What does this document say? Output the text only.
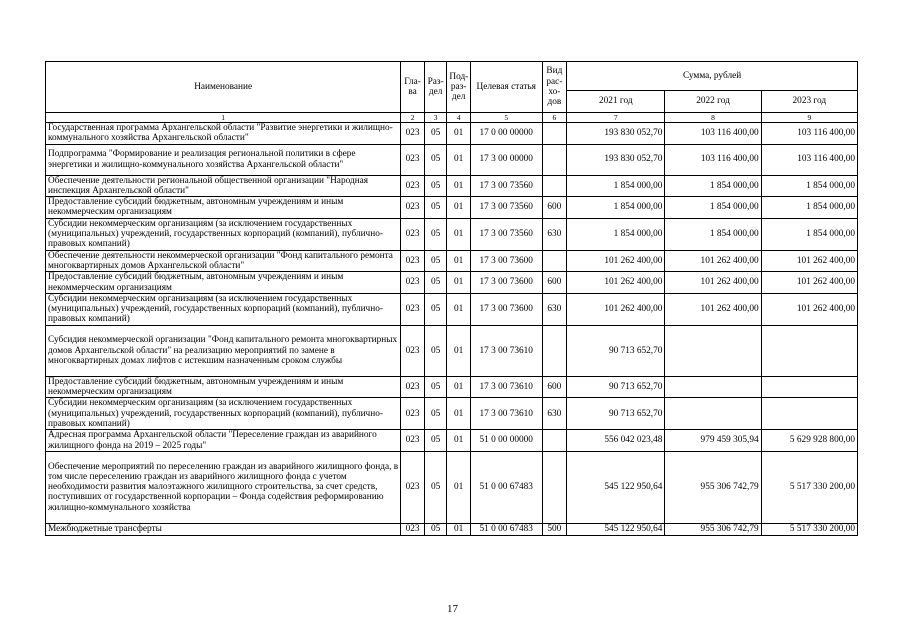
Наименование	Гла-ва	Раз-дел	Под-раз-дел	Целевая статья	Вид рас-хо-дов	Сумма, рублей		
						2021 год	2022 год	2023 год
1	2	3	4	5	6	7	8	9
Государственная программа Архангельской области "Развитие энергетики и жилищно-коммунального хозяйства Архангельской области"	023	05	01	17 0 00 00000		193 830 052,70	103 116 400,00	103 116 400,00
Подпрограмма "Формирование и реализация региональной политики в сфере энергетики и жилищно-коммунального хозяйства Архангельской области"	023	05	01	17 3 00 00000		193 830 052,70	103 116 400,00	103 116 400,00
Обеспечение деятельности региональной общественной организации "Народная инспекция Архангельской области"	023	05	01	17 3 00 73560		1 854 000,00	1 854 000,00	1 854 000,00
Предоставление субсидий бюджетным, автономным учреждениям и иным некоммерческим организациям	023	05	01	17 3 00 73560	600	1 854 000,00	1 854 000,00	1 854 000,00
Субсидии некоммерческим организациям (за исключением государственных (муниципальных) учреждений, государственных корпораций (компаний), публично-правовых компаний)	023	05	01	17 3 00 73560	630	1 854 000,00	1 854 000,00	1 854 000,00
Обеспечение деятельности некоммерческой организации "Фонд капитального ремонта многоквартирных домов Архангельской области"	023	05	01	17 3 00 73600		101 262 400,00	101 262 400,00	101 262 400,00
Предоставление субсидий бюджетным, автономным учреждениям и иным некоммерческим организациям	023	05	01	17 3 00 73600	600	101 262 400,00	101 262 400,00	101 262 400,00
Субсидии некоммерческим организациям (за исключением государственных (муниципальных) учреждений, государственных корпораций (компаний), публично-правовых компаний)	023	05	01	17 3 00 73600	630	101 262 400,00	101 262 400,00	101 262 400,00
Субсидия некоммерческой организации "Фонд капитального ремонта многоквартирных домов Архангельской области" на реализацию мероприятий по замене в многоквартирных домах лифтов с истекшим назначенным сроком службы	023	05	01	17 3 00 73610		90 713 652,70		
Предоставление субсидий бюджетным, автономным учреждениям и иным некоммерческим организациям	023	05	01	17 3 00 73610	600	90 713 652,70		
Субсидии некоммерческим организациям (за исключением государственных (муниципальных) учреждений, государственных корпораций (компаний), публично-правовых компаний)	023	05	01	17 3 00 73610	630	90 713 652,70		
Адресная программа Архангельской области "Переселение граждан из аварийного жилищного фонда на 2019 – 2025 годы"	023	05	01	51 0 00 00000		556 042 023,48	979 459 305,94	5 629 928 800,00
Обеспечение мероприятий по переселению граждан из аварийного жилищного фонда, в том числе переселению граждан из аварийного жилищного фонда с учетом необходимости развития малоэтажного жилищного строительства, за счет средств, поступивших от государственной корпорации – Фонда содействия реформированию жилищно-коммунального хозяйства	023	05	01	51 0 00 67483		545 122 950,64	955 306 742,79	5 517 330 200,00
Межбюджетные трансферты	023	05	01	51 0 00 67483	500	545 122 950,64	955 306 742,79	5 517 330 200,00
17
